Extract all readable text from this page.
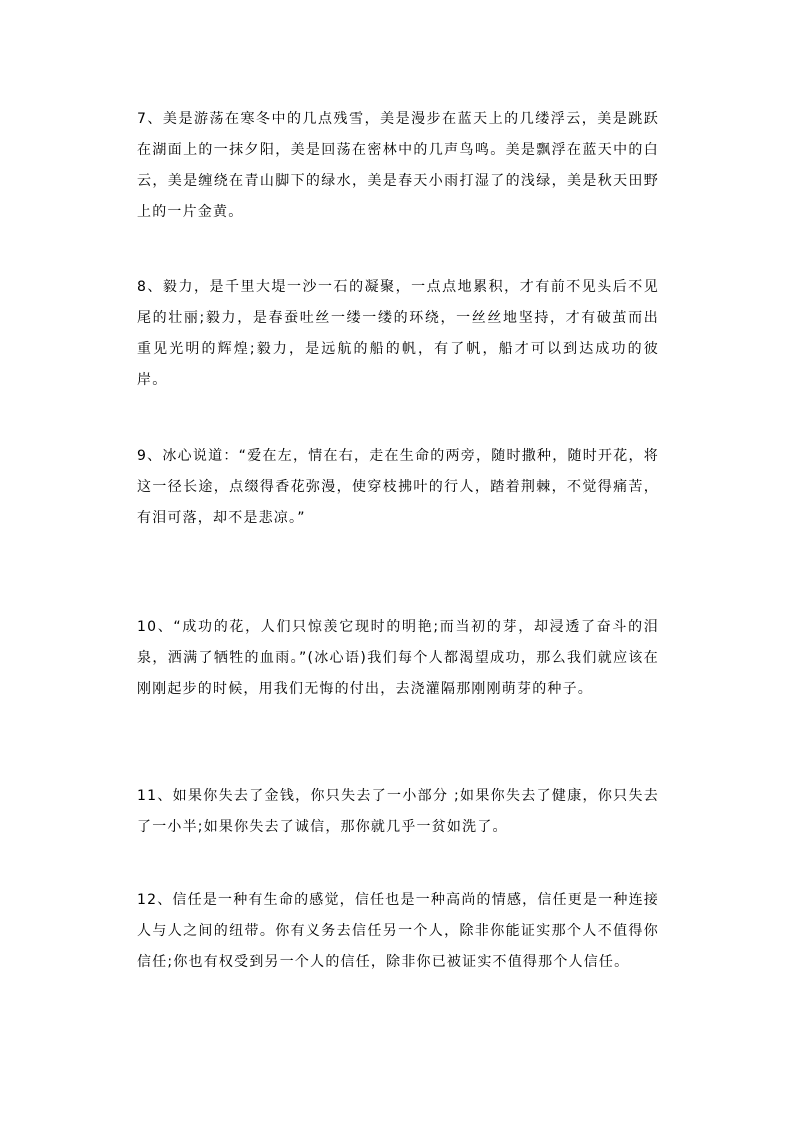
7、美是游荡在寒冬中的几点残雪，美是漫步在蓝天上的几缕浮云，美是跳跃在湖面上的一抹夕阳，美是回荡在密林中的几声鸟鸣。美是飘浮在蓝天中的白云，美是缠绕在青山脚下的绿水，美是春天小雨打湿了的浅绿，美是秋天田野上的一片金黄。

8、毅力，是千里大堤一沙一石的凝聚，一点点地累积，才有前不见头后不见尾的壮丽;毅力，是春蚕吐丝一缕一缕的环绕，一丝丝地坚持，才有破茧而出重见光明的辉煌;毅力，是远航的船的帆，有了帆，船才可以到达成功的彼岸。

9、冰心说道：“爱在左，情在右，走在生命的两旁，随时撒种，随时开花，将这一径长途，点缀得香花弥漫，使穿枝拂叶的行人，踏着荆棘，不觉得痛苦，有泪可落，却不是悲凉。”

10、“成功的花，人们只惊羡它现时的明艳;而当初的芽，却浸透了奋斗的泪泉，洒满了牺牲的血雨。”(冰心语)我们每个人都渴望成功，那么我们就应该在刚刚起步的时候，用我们无悔的付出，去浇灌隔那刚刚萌芽的种子。

11、如果你失去了金钱，你只失去了一小部分 ;如果你失去了健康，你只失去了一小半;如果你失去了诚信，那你就几乎一贫如洗了。

12、信任是一种有生命的感觉，信任也是一种高尚的情感，信任更是一种连接人与人之间的纽带。你有义务去信任另一个人，除非你能证实那个人不值得你信任;你也有权受到另一个人的信任，除非你已被证实不值得那个人信任。
